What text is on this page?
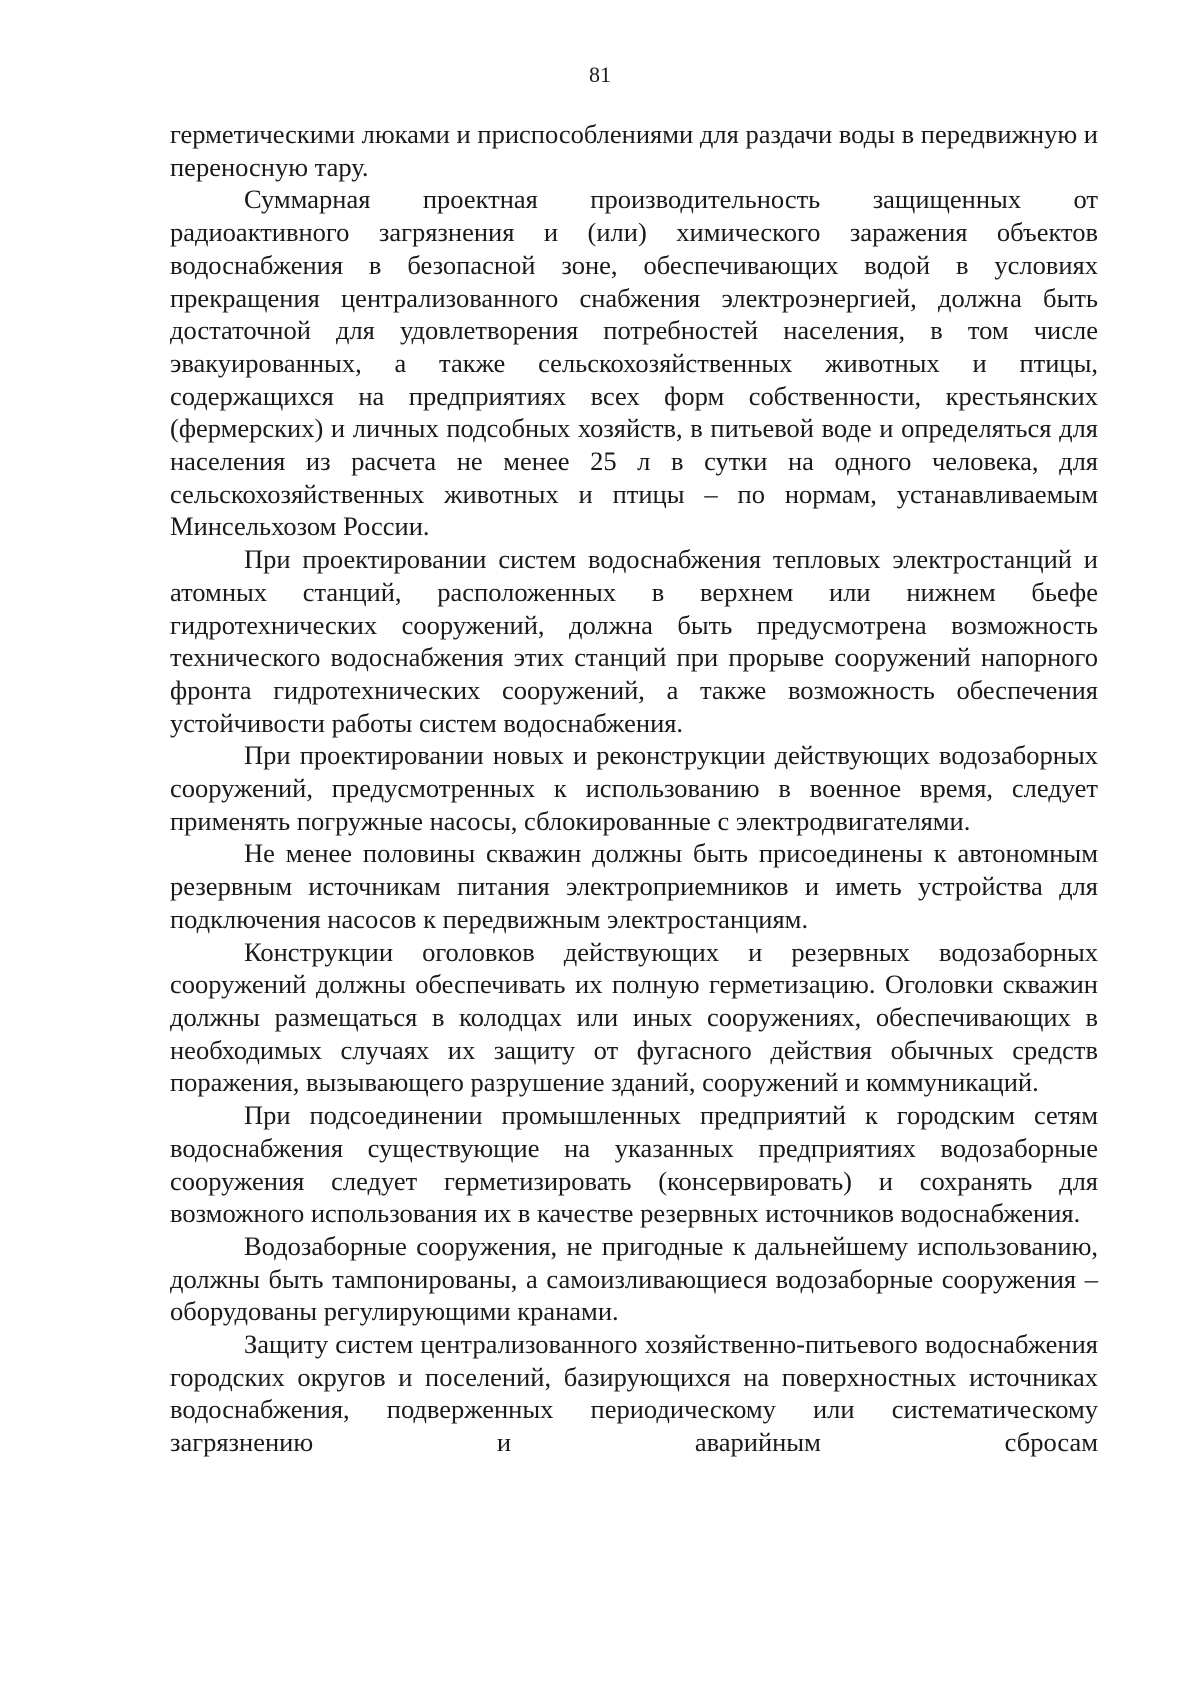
81

герметическими люками и приспособлениями для раздачи воды в передвижную и переносную тару.

Суммарная проектная производительность защищенных от радиоактивного загрязнения и (или) химического заражения объектов водоснабжения в безопасной зоне, обеспечивающих водой в условиях прекращения централизованного снабжения электроэнергией, должна быть достаточной для удовлетворения потребностей населения, в том числе эвакуированных, а также сельскохозяйственных животных и птицы, содержащихся на предприятиях всех форм собственности, крестьянских (фермерских) и личных подсобных хозяйств, в питьевой воде и определяться для населения из расчета не менее 25 л в сутки на одного человека, для сельскохозяйственных животных и птицы – по нормам, устанавливаемым Минсельхозом России.

При проектировании систем водоснабжения тепловых электростанций и атомных станций, расположенных в верхнем или нижнем бьефе гидротехнических сооружений, должна быть предусмотрена возможность технического водоснабжения этих станций при прорыве сооружений напорного фронта гидротехнических сооружений, а также возможность обеспечения устойчивости работы систем водоснабжения.

При проектировании новых и реконструкции действующих водозаборных сооружений, предусмотренных к использованию в военное время, следует применять погружные насосы, сблокированные с электродвигателями.

Не менее половины скважин должны быть присоединены к автономным резервным источникам питания электроприемников и иметь устройства для подключения насосов к передвижным электростанциям.

Конструкции оголовков действующих и резервных водозаборных сооружений должны обеспечивать их полную герметизацию. Оголовки скважин должны размещаться в колодцах или иных сооружениях, обеспечивающих в необходимых случаях их защиту от фугасного действия обычных средств поражения, вызывающего разрушение зданий, сооружений и коммуникаций.

При подсоединении промышленных предприятий к городским сетям водоснабжения существующие на указанных предприятиях водозаборные сооружения следует герметизировать (консервировать) и сохранять для возможного использования их в качестве резервных источников водоснабжения.

Водозаборные сооружения, не пригодные к дальнейшему использованию, должны быть тампонированы, а самоизливающиеся водозаборные сооружения – оборудованы регулирующими кранами.

Защиту систем централизованного хозяйственно-питьевого водоснабжения городских округов и поселений, базирующихся на поверхностных источниках водоснабжения, подверженных периодическому или систематическому загрязнению и аварийным сбросам
